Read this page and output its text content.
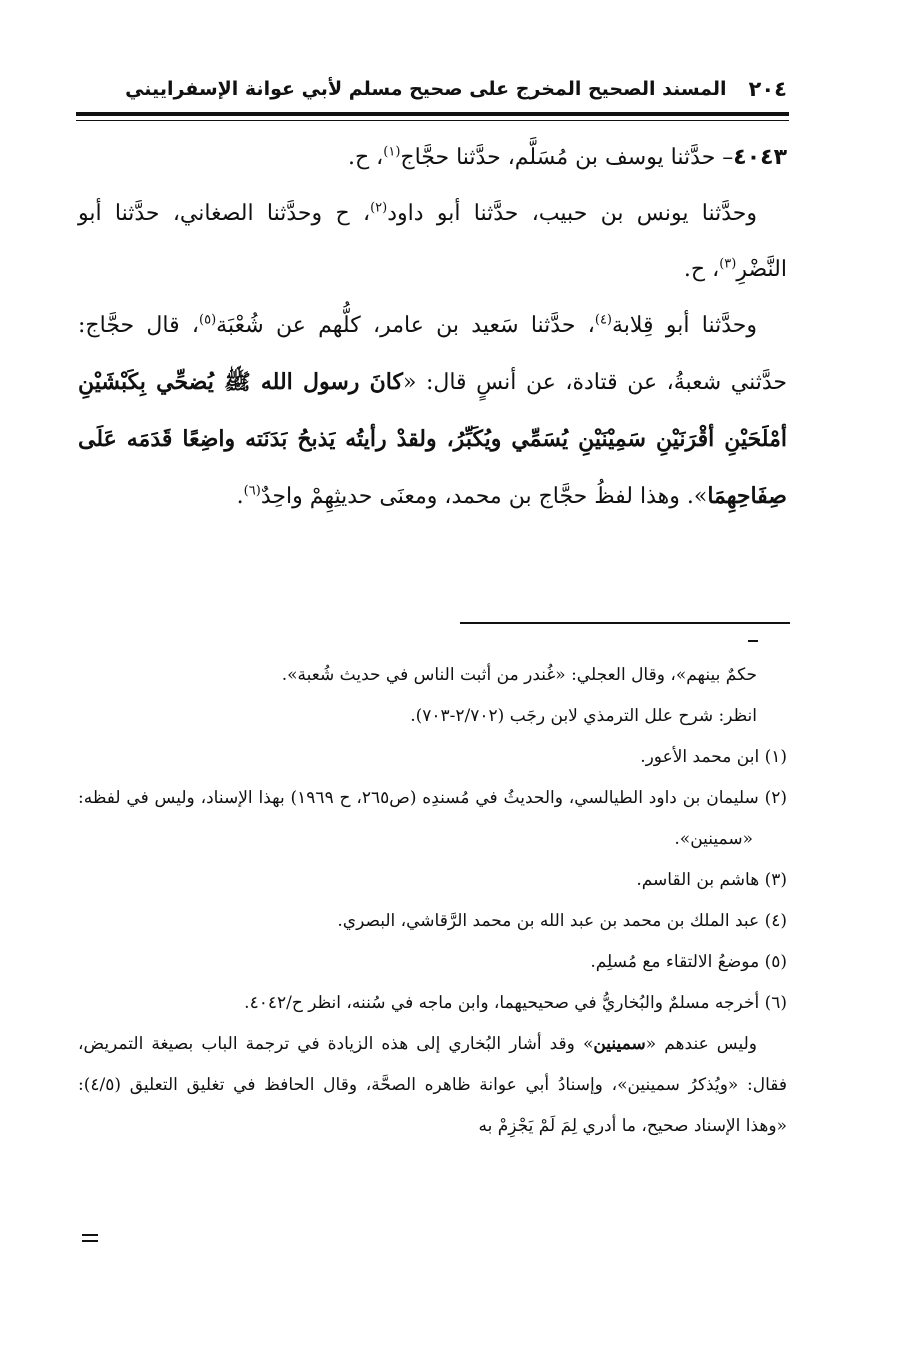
٢٠٤
المسند الصحيح المخرج على صحيح مسلم لأبي عوانة الإسفراييني

٤٠٤٣– حدَّثنا يوسف بن مُسَلَّم، حدَّثنا حجَّاج$^{(١)}$، ح.

وحدَّثنا يونس بن حبيب، حدَّثنا أبو داود$^{(٢)}$، ح وحدَّثنا الصغاني، حدَّثنا أبو النَّضْرِ$^{(٣)}$، ح.

وحدَّثنا أبو قِلابة$^{(٤)}$، حدَّثنا سَعيد بن عامر، كلُّهم عن شُعْبَة$^{(٥)}$، قال حجَّاج: حدَّثني شعبةُ، عن قتادة، عن أنسٍ قال: «كانَ رسول الله ﷺ يُضحِّي بِكَبْشَيْنِ أمْلَحَيْنِ أقْرَنَيْنِ سَمِيْنَيْنِ يُسَمِّي ويُكَبِّرُ، ولقدْ رأيتُه يَذبحُ بَدَنَته واضِعًا قَدَمَه عَلَى صِفَاحِهِمَا». وهذا لفظُ حجَّاج بن محمد، ومعنَى حديثِهِمْ واحِدٌ$^{(٦)}$.

حكمٌ بينهم»، وقال العجلي: «غُندر من أثبت الناس في حديث شُعبة».

انظر: شرح علل الترمذي لابن رجَب (٢/٧٠٢-٧٠٣).

(١) ابن محمد الأعور.

(٢) سليمان بن داود الطيالسي، والحديثُ في مُسندِه (ص٢٦٥، ح ١٩٦٩) بهذا الإسناد، وليس في لفظه: «سمينين».

(٣) هاشم بن القاسم.

(٤) عبد الملك بن محمد بن عبد الله بن محمد الرَّقاشي، البصري.

(٥) موضعُ الالتقاء مع مُسلِم.

(٦) أخرجه مسلمٌ والبُخاريُّ في صحيحيهما، وابن ماجه في سُننه، انظر ح/٤٠٤٢.

وليس عندهم «سمينين» وقد أشار البُخاري إلى هذه الزيادة في ترجمة الباب بصيغة التمريض، فقال: «ويُذكرُ سمينين»، وإسنادُ أبي عوانة ظاهره الصحَّة، وقال الحافظ في تغليق التعليق (٤/٥): «وهذا الإسناد صحيح، ما أدري لِمَ لَمْ يَجْزِمْ به
